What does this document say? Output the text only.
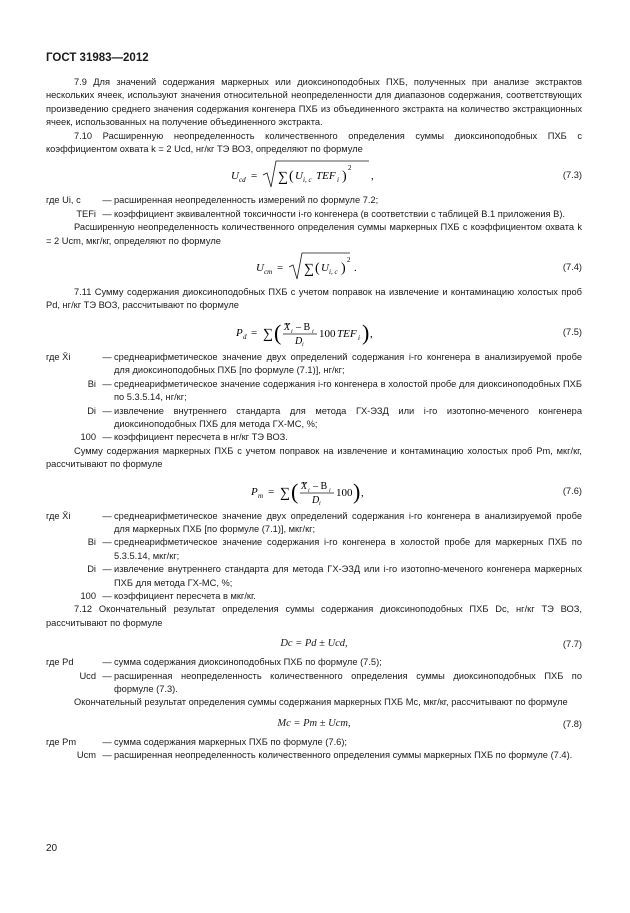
ГОСТ 31983—2012

7.9 Для значений содержания маркерных или диоксиноподобных ПХБ, полученных при анализе экстрактов нескольких ячеек, используют значения относительной неопределенности для диапазонов содержания, соответствующих произведению среднего значения содержания конгенера ПХБ из объединенного экстракта на количество экстракционных ячеек, использованных на получение объединенного экстракта.

7.10 Расширенную неопределенность количественного определения суммы диоксиноподобных ПХБ с коэффициентом охвата k = 2 Ucd, нг/кг ТЭ ВОЗ, определяют по формуле

U cd = ∑ ( U i, c TEF i )
2
,	(7.3)
где Ui, c	— расширенная неопределенность измерений по формуле 7.2;
TEFi — коэффициент эквивалентной токсичности i-го конгенера (в соответствии с таблицей В.1 приложения В).

Расширенную неопределенность количественного определения суммы маркерных ПХБ с коэффициентом охвата k = 2 Ucm, мкг/кг, определяют по формуле

U cm = ∑ ( U i, c )
2
.	(7.4)

7.11 Сумму содержания диоксиноподобных ПХБ с учетом поправок на извлечение и контаминацию холостых проб Pd, нг/кг ТЭ ВОЗ, рассчитывают по формуле

P d = ∑ ( X i – B i
D i
100 TEF i ) ,	(7.5)
где X̄i	— среднеарифметическое значение двух определений содержания i-го конгенера в анализируемой пробе для диоксиноподобных ПХБ [по формуле (7.1)], нг/кг;
Bi — среднеарифметическое значение содержания i-го конгенера в холостой пробе для диоксиноподобных ПХБ по 5.3.5.14, нг/кг;
Di — извлечение внутреннего стандарта для метода ГХ-ЭЗД или i-го изотопно-меченого конгенера диоксиноподобных ПХБ для метода ГХ-МС, %;
100 — коэффициент пересчета в нг/кг ТЭ ВОЗ.

Сумму содержания маркерных ПХБ с учетом поправок на извлечение и контаминацию холостых проб Pm, мкг/кг, рассчитывают по формуле

P m = ∑ ( X i – B i
D i
100 ) ,	(7.6)
где X̄i	— среднеарифметическое значение двух определений содержания i-го конгенера в анализируемой пробе для маркерных ПХБ [по формуле (7.1)], мкг/кг;
Bi — среднеарифметическое значение содержания i-го конгенера в холостой пробе для маркерных ПХБ по 5.3.5.14, мкг/кг;
Di — извлечение внутреннего стандарта для метода ГХ-ЭЗД или i-го изотопно-меченого конгенера маркерных ПХБ для метода ГХ-МС, %;
100 — коэффициент пересчета в мкг/кг.

7.12 Окончательный результат определения суммы содержания диоксиноподобных ПХБ Dc, нг/кг ТЭ ВОЗ, рассчитывают по формуле

Dc = Pd ± Ucd,	(7.7)
где Pd	— сумма содержания диоксиноподобных ПХБ по формуле (7.5);
Ucd — расширенная неопределенность количественного определения суммы диоксиноподобных ПХБ по формуле (7.3).

Окончательный результат определения суммы содержания маркерных ПХБ Mc, мкг/кг, рассчитывают по формуле

Mc = Pm ± Ucm,	(7.8)
где Pm	— сумма содержания маркерных ПХБ по формуле (7.6);
Ucm — расширенная неопределенность количественного определения суммы маркерных ПХБ по формуле (7.4).
20
